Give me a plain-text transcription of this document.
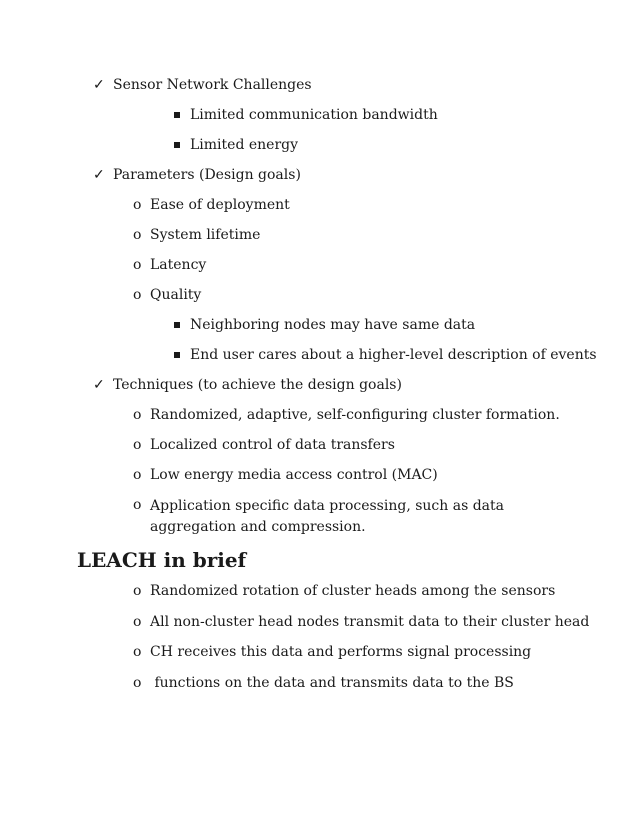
✓ Sensor Network Challenges
Limited communication bandwidth
Limited energy
✓ Parameters (Design goals)
o Ease of deployment
o System lifetime
o Latency
o Quality
Neighboring nodes may have same data
End user cares about a higher-level description of events
✓ Techniques (to achieve the design goals)
o Randomized, adaptive, self-configuring cluster formation.
o Localized control of data transfers
o Low energy media access control (MAC)
o Application specific data processing, such as data aggregation and compression.
LEACH in brief
o Randomized rotation of cluster heads among the sensors
o All non-cluster head nodes transmit data to their cluster head
o CH receives this data and performs signal processing
o functions on the data and transmits data to the BS
